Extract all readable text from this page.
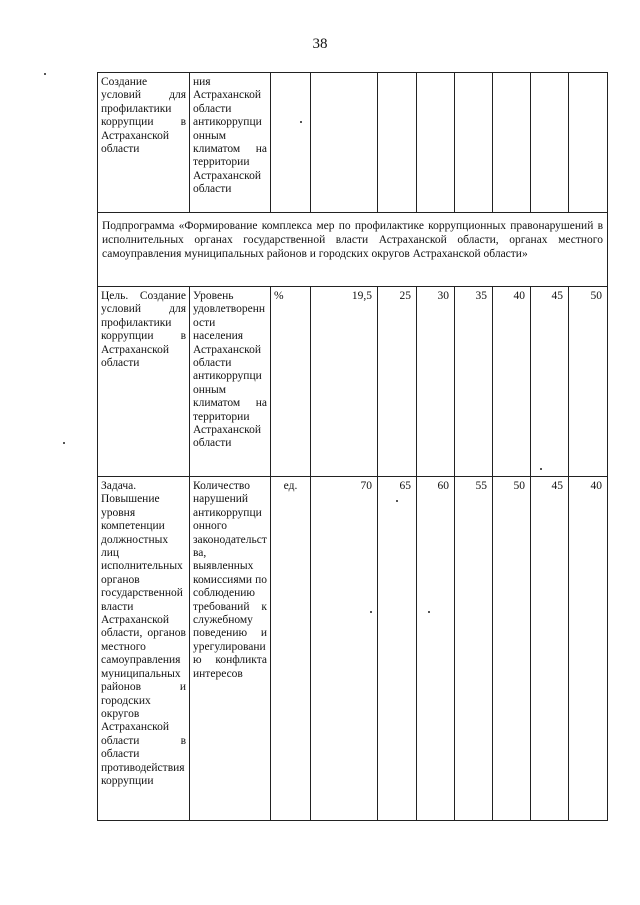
38
Создание условий для профилактики коррупции в Астраханской области	ния Астраханской области антикоррупционным климатом на территории Астраханской области								
Подпрограмма «Формирование комплекса мер по профилактике коррупционных правонарушений в исполнительных органах государственной власти Астраханской области, органах местного самоуправления муниципальных районов и городских округов Астраханской области»									
Цель. Создание условий для профилактики коррупции в Астраханской области	Уровень удовлетворенности населения Астраханской области антикоррупционным климатом на территории Астраханской области	%	19,5	25	30	35	40	45	50
Задача. Повышение уровня компетенции должностных лиц исполнительных органов государственной власти Астраханской области, органов местного самоуправления муниципальных районов и городских округов Астраханской области в области противодействия коррупции	Количество нарушений антикоррупционного законодательства, выявленных комиссиями по соблюдению требований к служебному поведению и урегулированию конфликта интересов	ед.	70	65	60	55	50	45	40
